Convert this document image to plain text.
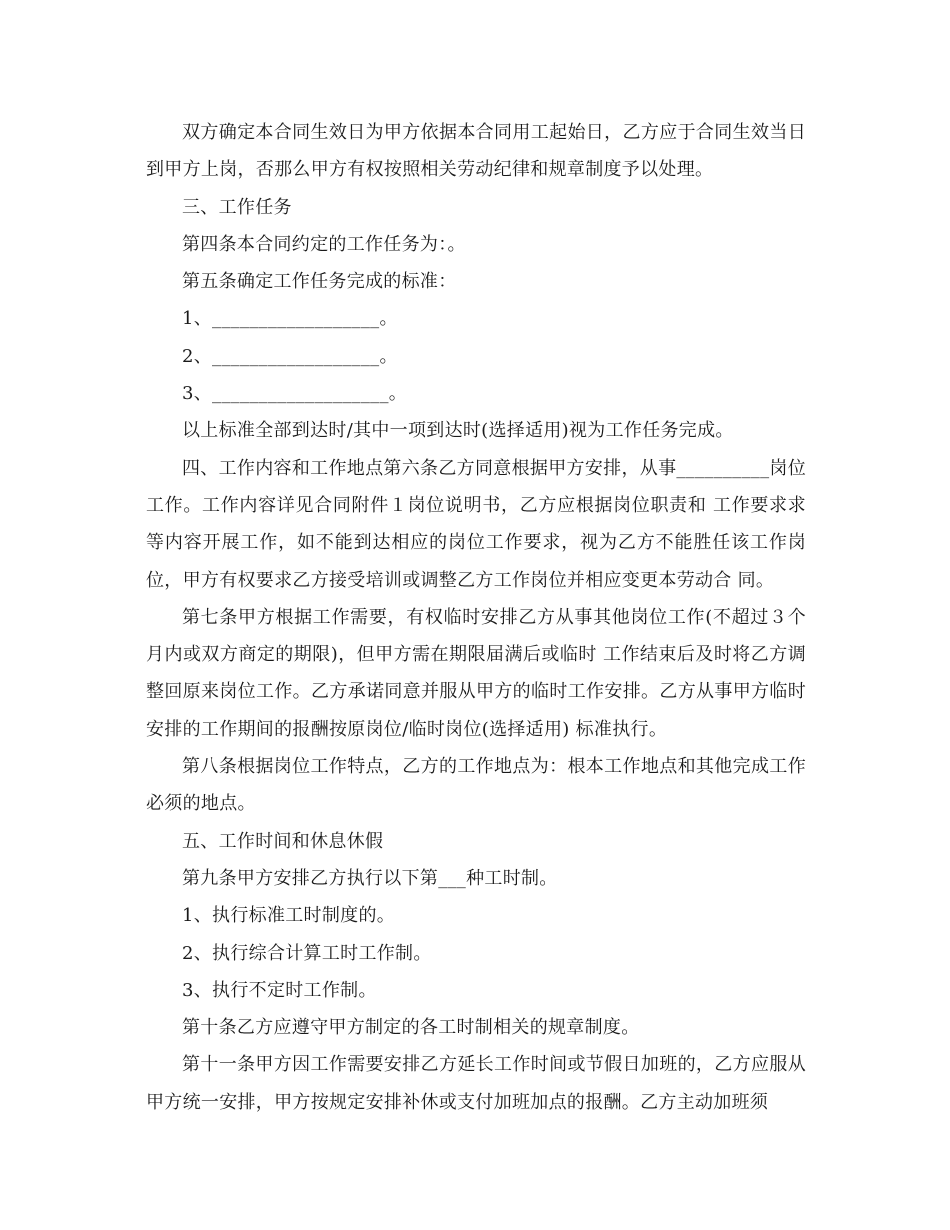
双方确定本合同生效日为甲方依据本合同用工起始日，乙方应于合同生效当日到甲方上岗，否那么甲方有权按照相关劳动纪律和规章制度予以处理。

三、工作任务

第四条本合同约定的工作任务为：。

第五条确定工作任务完成的标准：

1、__________________。

2、__________________。

3、___________________。

以上标准全部到达时/其中一项到达时(选择适用)视为工作任务完成。

四、工作内容和工作地点第六条乙方同意根据甲方安排，从事__________岗位工作。工作内容详见合同附件１岗位说明书，乙方应根据岗位职责和 工作要求求等内容开展工作，如不能到达相应的岗位工作要求，视为乙方不能胜任该工作岗位，甲方有权要求乙方接受培训或调整乙方工作岗位并相应变更本劳动合 同。

第七条甲方根据工作需要，有权临时安排乙方从事其他岗位工作(不超过３个月内或双方商定的期限)，但甲方需在期限届满后或临时 工作结束后及时将乙方调整回原来岗位工作。乙方承诺同意并服从甲方的临时工作安排。乙方从事甲方临时安排的工作期间的报酬按原岗位/临时岗位(选择适用) 标准执行。

第八条根据岗位工作特点，乙方的工作地点为：根本工作地点和其他完成工作必须的地点。

五、工作时间和休息休假

第九条甲方安排乙方执行以下第___种工时制。

1、执行标准工时制度的。

2、执行综合计算工时工作制。

3、执行不定时工作制。

第十条乙方应遵守甲方制定的各工时制相关的规章制度。

第十一条甲方因工作需要安排乙方延长工作时间或节假日加班的，乙方应服从甲方统一安排，甲方按规定安排补休或支付加班加点的报酬。乙方主动加班须
